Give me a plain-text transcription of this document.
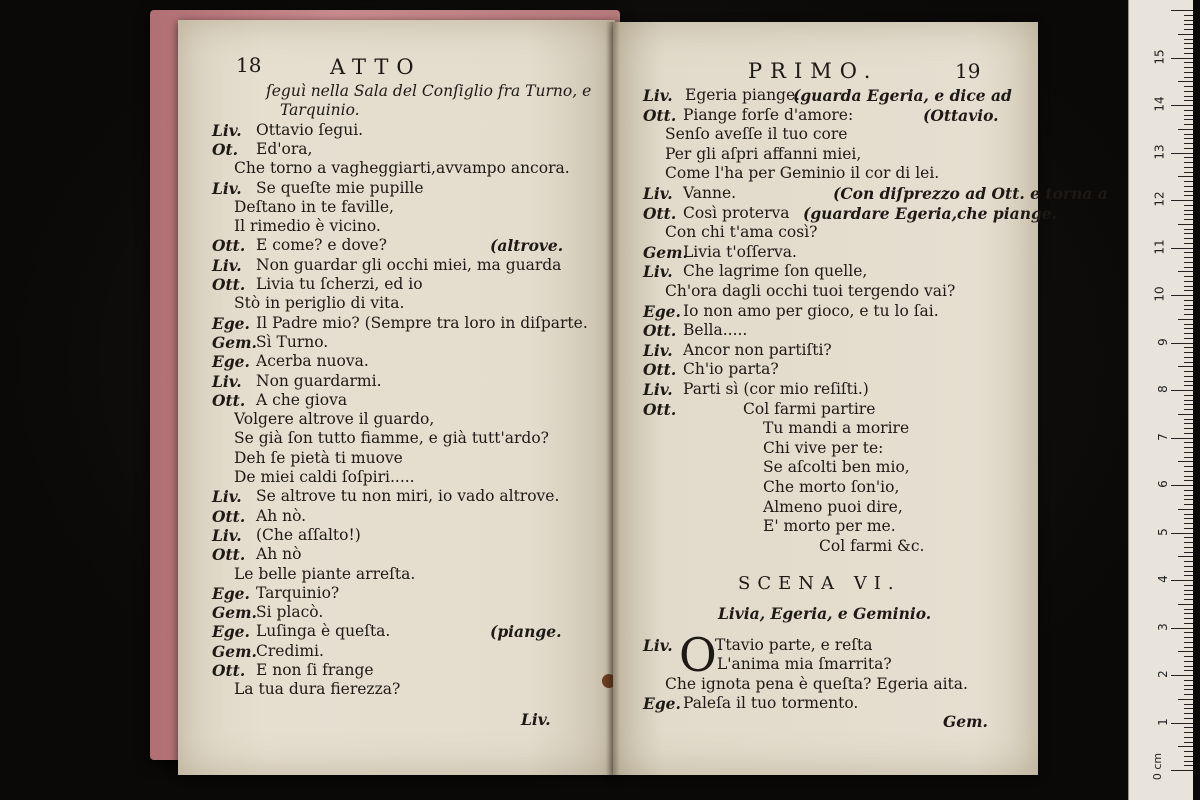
18	ATTO
ſeguì nella Sala del Conſiglio fra Turno, e
Tarquinio.
Liv. Ottavio ſegui.
Ot. Ed'ora,
Che torno a vagheggiarti,avvampo ancora.
Liv. Se queſte mie pupille
Deſtano in te faville,
Il rimedio è vicino.
Ott. E come? e dove?	(altrove.
Liv. Non guardar gli occhi miei, ma guarda
Ott. Livia tu ſcherzi, ed io
Stò in periglio di vita.
Ege. Il Padre mio? (Sempre tra loro in diſparte.
Gem. Sì Turno.
Ege. Acerba nuova.
Liv. Non guardarmi.
Ott. A che giova
Volgere altrove il guardo,
Se già ſon tutto fiamme, e già tutt'ardo?
Deh ſe pietà ti muove
De miei caldi ſoſpiri.....
Liv. Se altrove tu non miri, io vado altrove.
Ott. Ah nò.
Liv. (Che aſſalto!)
Ott. Ah nò
Le belle piante arreſta.
Ege. Tarquinio?
Gem. Si placò.
Ege. Luſinga è queſta.	(piange.
Gem. Credimi.
Ott. E non ſi frange
La tua dura fierezza?
Liv.
PRIMO.	19
Liv. Egeria piange.
(guarda Egeria, e dice ad
Ott. Piange forſe d'amore:	(Ottavio.
Senſo aveſſe il tuo core
Per gli aſpri affanni miei,
Come l'ha per Geminio il cor di lei.
Liv. Vanne.	(Con diſprezzo ad Ott. e torna a
Ott. Così proterva (guardare Egeria,che piange.
Con chi t'ama così?
Gem.
Livia t'oſſerva.
Liv. Che lagrime ſon quelle,
Ch'ora dagli occhi tuoi tergendo vai?
Ege. Io non amo per gioco, e tu lo ſai.
Ott. Bella.....
Liv. Ancor non partiſti?
Ott. Ch'io parta?
Liv. Parti sì (cor mio reſiſti.)
Ott.	Col farmi partire
Tu mandi a morire
Chi vive per te:
Se aſcolti ben mio,
Che morto ſon'io,
Almeno puoi dire,
E' morto per me.
Col farmi &c.
SCENA VI.
Livia, Egeria, e Geminio.
Liv. O
Ttavio parte, e reſta
L'anima mia ſmarrita?
Che ignota pena è queſta? Egeria aita.
Ege. Paleſa il tuo tormento.
Gem.	1
2
3
4
5
6
7
8
9
10
11
12
13
14
15
0 cm
